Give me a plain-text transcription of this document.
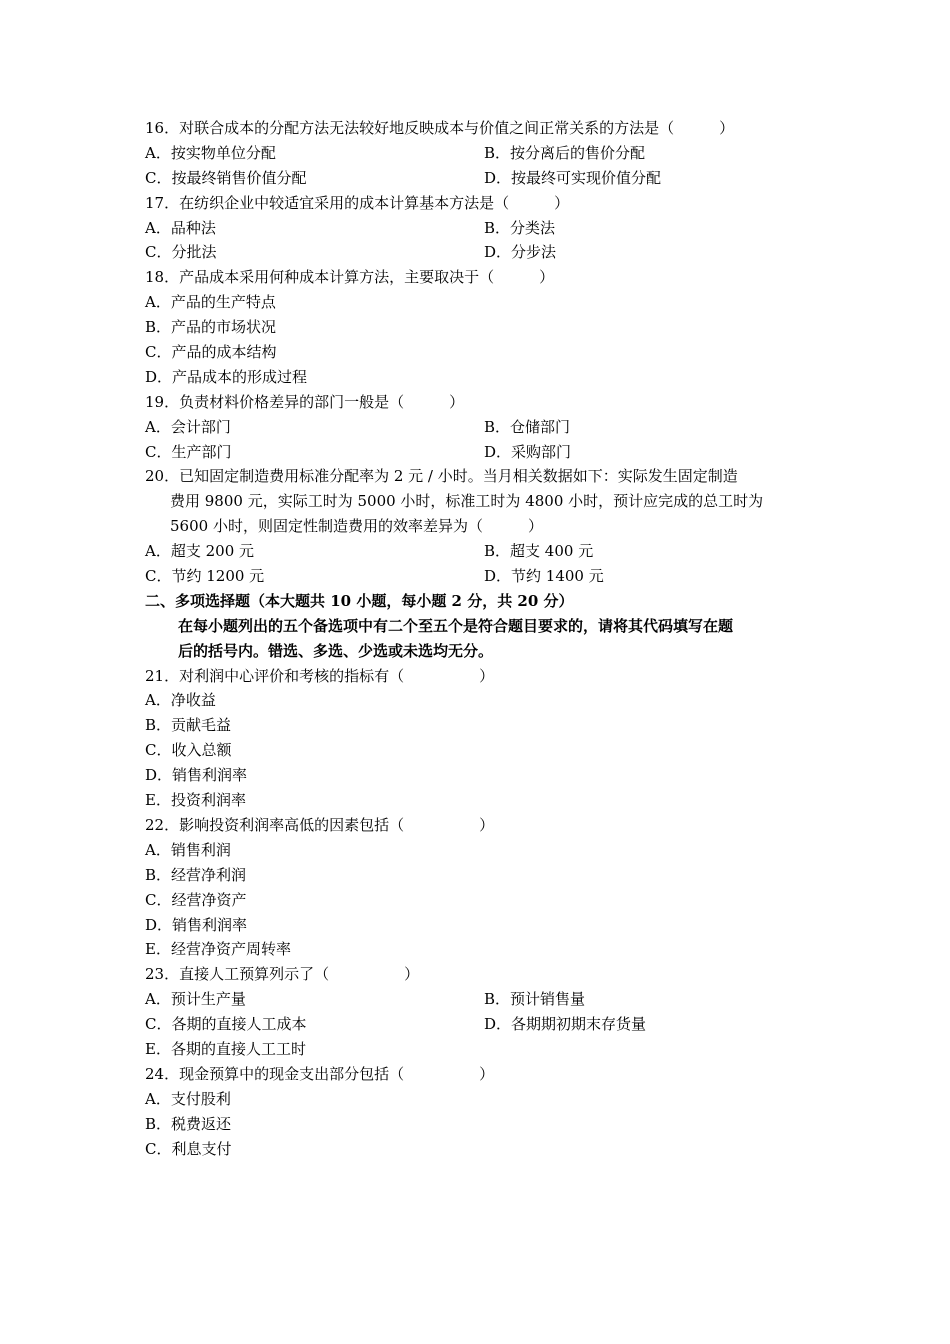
16．对联合成本的分配方法无法较好地反映成本与价值之间正常关系的方法是（　　　）
A．按实物单位分配	B．按分离后的售价分配
C．按最终销售价值分配	D．按最终可实现价值分配
17．在纺织企业中较适宜采用的成本计算基本方法是（　　　）
A．品种法	B．分类法
C．分批法	D．分步法
18．产品成本采用何种成本计算方法，主要取决于（　　　）
A．产品的生产特点
B．产品的市场状况
C．产品的成本结构
D．产品成本的形成过程
19．负责材料价格差异的部门一般是（　　　）
A．会计部门	B．仓储部门
C．生产部门	D．采购部门
20．已知固定制造费用标准分配率为 2 元 / 小时。当月相关数据如下：实际发生固定制造
费用 9800 元，实际工时为 5000 小时，标准工时为 4800 小时，预计应完成的总工时为
5600 小时，则固定性制造费用的效率差异为（　　　）
A．超支 200 元	B．超支 400 元
C．节约 1200 元	D．节约 1400 元
二、多项选择题（本大题共 10 小题，每小题 2 分，共 20 分）
在每小题列出的五个备选项中有二个至五个是符合题目要求的，请将其代码填写在题
后的括号内。错选、多选、少选或未选均无分。
21．对利润中心评价和考核的指标有（　　　　　）
A．净收益
B．贡献毛益
C．收入总额
D．销售利润率
E．投资利润率
22．影响投资利润率高低的因素包括（　　　　　）
A．销售利润
B．经营净利润
C．经营净资产
D．销售利润率
E．经营净资产周转率
23．直接人工预算列示了（　　　　　）
A．预计生产量	B．预计销售量
C．各期的直接人工成本	D．各期期初期末存货量
E．各期的直接人工工时
24．现金预算中的现金支出部分包括（　　　　　）
A．支付股利
B．税费返还
C．利息支付
